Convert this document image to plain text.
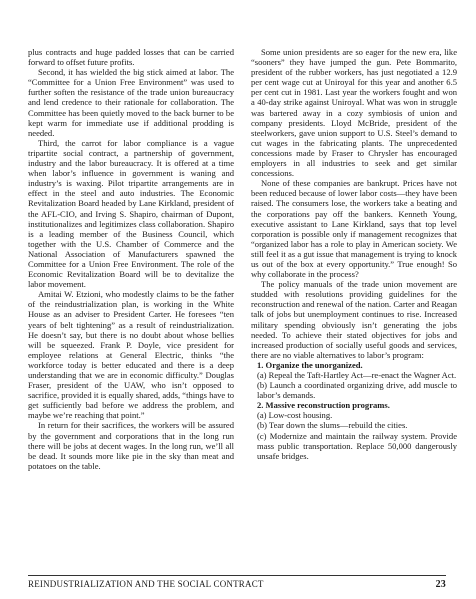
plus contracts and huge padded losses that can be carried forward to offset future profits.

Second, it has wielded the big stick aimed at labor. The “Committee for a Union Free Environment” was used to further soften the resistance of the trade union bureaucracy and lend credence to their rationale for collaboration. The Committee has been quietly moved to the back burner to be kept warm for immediate use if additional prodding is needed.

Third, the carrot for labor compliance is a vague tripartite social contract, a partnership of government, industry and the labor bureaucracy. It is offered at a time when labor’s influence in government is waning and industry’s is waxing. Pilot tripartite arrangements are in effect in the steel and auto industries. The Economic Revitalization Board headed by Lane Kirkland, president of the AFL-CIO, and Irving S. Shapiro, chairman of Dupont, institutionalizes and legitimizes class collaboration. Shapiro is a leading member of the Business Council, which together with the U.S. Chamber of Commerce and the National Association of Manufacturers spawned the Committee for a Union Free Environment. The role of the Economic Revitalization Board will be to devitalize the labor movement.

Amitai W. Etzioni, who modestly claims to be the father of the reindustrialization plan, is working in the White House as an adviser to President Carter. He foresees “ten years of belt tightening” as a result of reindustrialization. He doesn’t say, but there is no doubt about whose bellies will be squeezed. Frank P. Doyle, vice president for employee relations at General Electric, thinks “the workforce today is better educated and there is a deep understanding that we are in economic difficulty.” Douglas Fraser, president of the UAW, who isn’t opposed to sacrifice, provided it is equally shared, adds, “things have to get sufficiently bad before we address the problem, and maybe we’re reaching that point.”

In return for their sacrifices, the workers will be assured by the government and corporations that in the long run there will be jobs at decent wages. In the long run, we’ll all be dead. It sounds more like pie in the sky than meat and potatoes on the table.

Some union presidents are so eager for the new era, like “sooners” they have jumped the gun. Pete Bommarito, president of the rubber workers, has just negotiated a 12.9 per cent wage cut at Uniroyal for this year and another 6.5 per cent cut in 1981. Last year the workers fought and won a 40-day strike against Uniroyal. What was won in struggle was bartered away in a cozy symbiosis of union and company presidents. Lloyd McBride, president of the steelworkers, gave union support to U.S. Steel’s demand to cut wages in the fabricating plants. The unprecedented concessions made by Fraser to Chrysler has encouraged employers in all industries to seek and get similar concessions.

None of these companies are bankrupt. Prices have not been reduced because of lower labor costs—they have been raised. The consumers lose, the workers take a beating and the corporations pay off the bankers. Kenneth Young, executive assistant to Lane Kirkland, says that top level corporation is possible only if management recognizes that “organized labor has a role to play in American society. We still feel it as a gut issue that management is trying to knock us out of the box at every opportunity.” True enough! So why collaborate in the process?

The policy manuals of the trade union movement are studded with resolutions providing guidelines for the reconstruction and renewal of the nation. Carter and Reagan talk of jobs but unemployment continues to rise. Increased military spending obviously isn’t generating the jobs needed. To achieve their stated objectives for jobs and increased production of socially useful goods and services, there are no viable alternatives to labor’s program:

1. Organize the unorganized.

(a) Repeal the Taft-Hartley Act—re-enact the Wagner Act.

(b) Launch a coordinated organizing drive, add muscle to labor’s demands.

2. Massive reconstruction programs.

(a) Low-cost housing.

(b) Tear down the slums—rebuild the cities.

(c) Modernize and maintain the railway system. Provide mass public transportation. Replace 50,000 dangerously unsafe bridges.

REINDUSTRIALIZATION AND THE SOCIAL CONTRACT	23
